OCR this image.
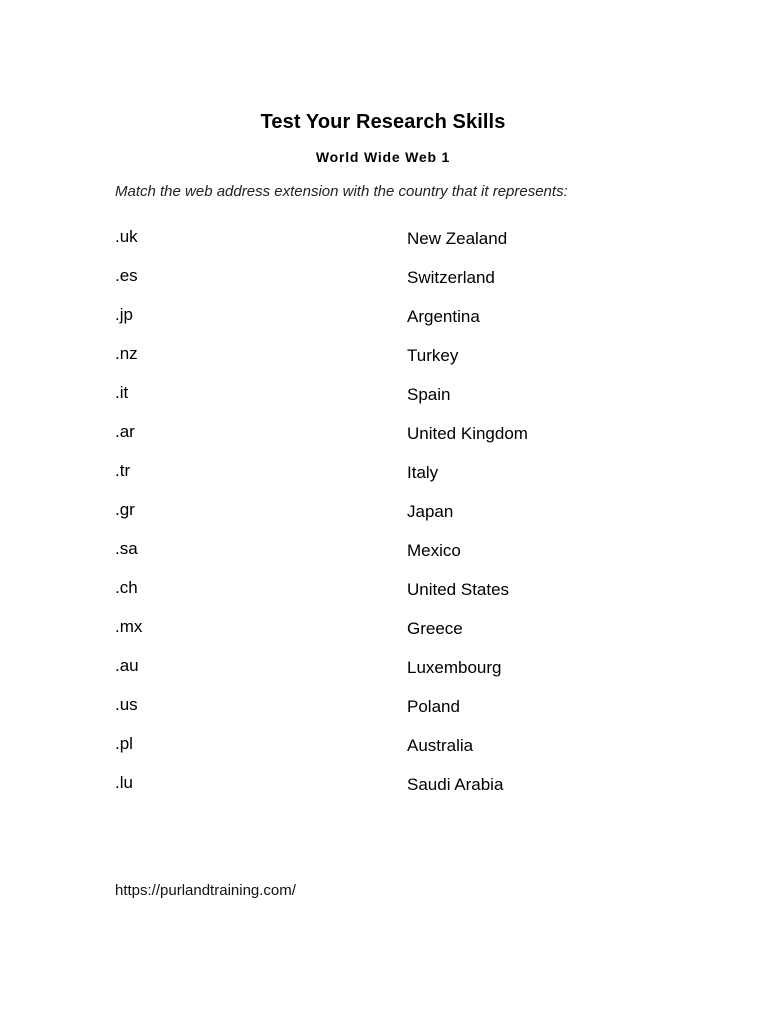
Test Your Research Skills
World Wide Web 1
Match the web address extension with the country that it represents:
.uk
.es
.jp
.nz
.it
.ar
.tr
.gr
.sa
.ch
.mx
.au
.us
.pl
.lu
New Zealand
Switzerland
Argentina
Turkey
Spain
United Kingdom
Italy
Japan
Mexico
United States
Greece
Luxembourg
Poland
Australia
Saudi Arabia
https://purlandtraining.com/
